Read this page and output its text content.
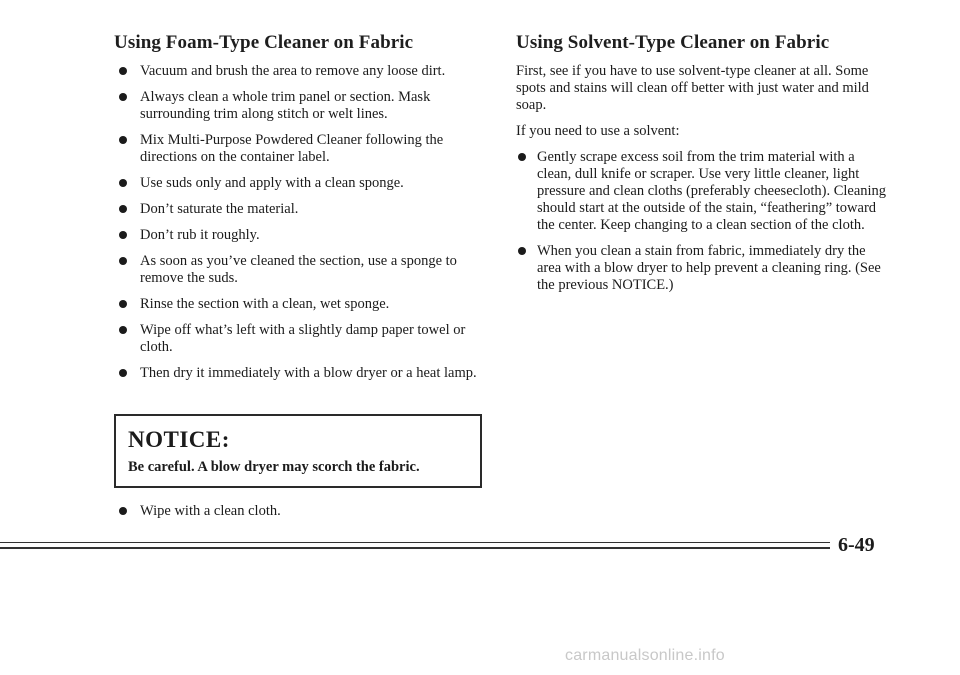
Using Foam-Type Cleaner on Fabric
Vacuum and brush the area to remove any loose dirt.
Always clean a whole trim panel or section. Mask surrounding trim along stitch or welt lines.
Mix Multi-Purpose Powdered Cleaner following the directions on the container label.
Use suds only and apply with a clean sponge.
Don’t saturate the material.
Don’t rub it roughly.
As soon as you’ve cleaned the section, use a sponge to remove the suds.
Rinse the section with a clean, wet sponge.
Wipe off what’s left with a slightly damp paper towel or cloth.
Then dry it immediately with a blow dryer or a heat lamp.
NOTICE:
Be careful. A blow dryer may scorch the fabric.
Wipe with a clean cloth.
Using Solvent-Type Cleaner on Fabric

First, see if you have to use solvent-type cleaner at all. Some spots and stains will clean off better with just water and mild soap.

If you need to use a solvent:

Gently scrape excess soil from the trim material with a clean, dull knife or scraper. Use very little cleaner, light pressure and clean cloths (preferably cheesecloth). Cleaning should start at the outside of the stain, “feathering” toward the center. Keep changing to a clean section of the cloth.
When you clean a stain from fabric, immediately dry the area with a blow dryer to help prevent a cleaning ring. (See the previous NOTICE.)
6-49
carmanualsonline.info
